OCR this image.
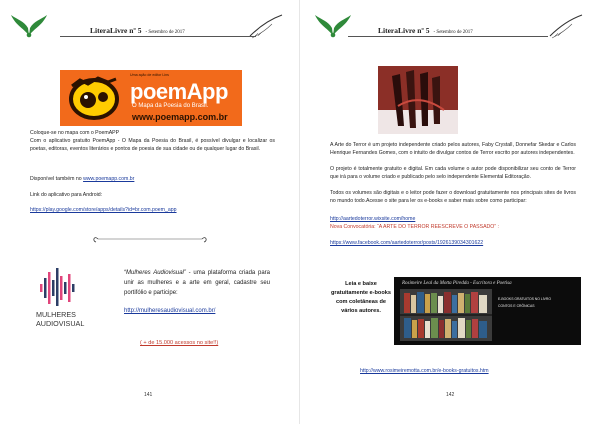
LiteraLivre nº 5 - Setembro de 2017
Uma ação de editor Lins
poemApp
O Mapa da Poesia do Brasil.
www.poemapp.com.br
Coloque-se no mapa com o PoemAPP
Com o aplicativo gratuito PoemApp - O Mapa da Poesia do Brasil, é possível divulgar e localizar os poetas, editoras, eventos literários e pontos de poesia de sua cidade ou de qualquer lugar do Brasil.
Disponível também no www.poemapp.com.br
Link do aplicativo para Android:
https://play.google.com/store/apps/details?id=br.com.poem_app
MULHERES
AUDIOVISUAL
“Mulheres Audiovisual” - uma plataforma criada para unir as mulheres e a arte em geral, cadastre seu portifólio e participe:
http://mulheresaudiovisual.com.br/
( + de 15.000 acessos no site!!)
141
LiteraLivre nº 5 - Setembro de 2017
A Arte do Terror é um projeto independente criado pelos autores, Faby Crystall, Donnefar Skedar e Carlos Henrique Fernandes Gomes, com o intuito de divulgar contos de Terror escrito por autores independentes.
O projeto é totalmente gratuito e digital. Em cada volume o autor pode disponibilizar seu conto de Terror que irá para o volume criado e publicado pelo selo independente Elemental Editoração.
Todos os volumes são digitais e o leitor pode fazer o download gratuitamente nos principais sites de livros no mundo todo.Acesse o site para ler os e-books e saber mais sobre como participar:
http://aartedoterror.wixsite.com/home
Nova Convocatória: “A ARTE DO TERROR REESCREVE O PASSADO” :
https://www.facebook.com/aartedoterror/posts/1926139034301622
Leia e baixe gratuitamente e-books com coletâneas de vários autores.
Rosimeire Leal da Motta Piredda - Escritora e Poetisa
E-BOOKS GRATUITOS NO LIVRO
CONTOS E CRÔNICAS
http://www.rosimeiremotta.com.br/e-books-gratuitos.htm
142
